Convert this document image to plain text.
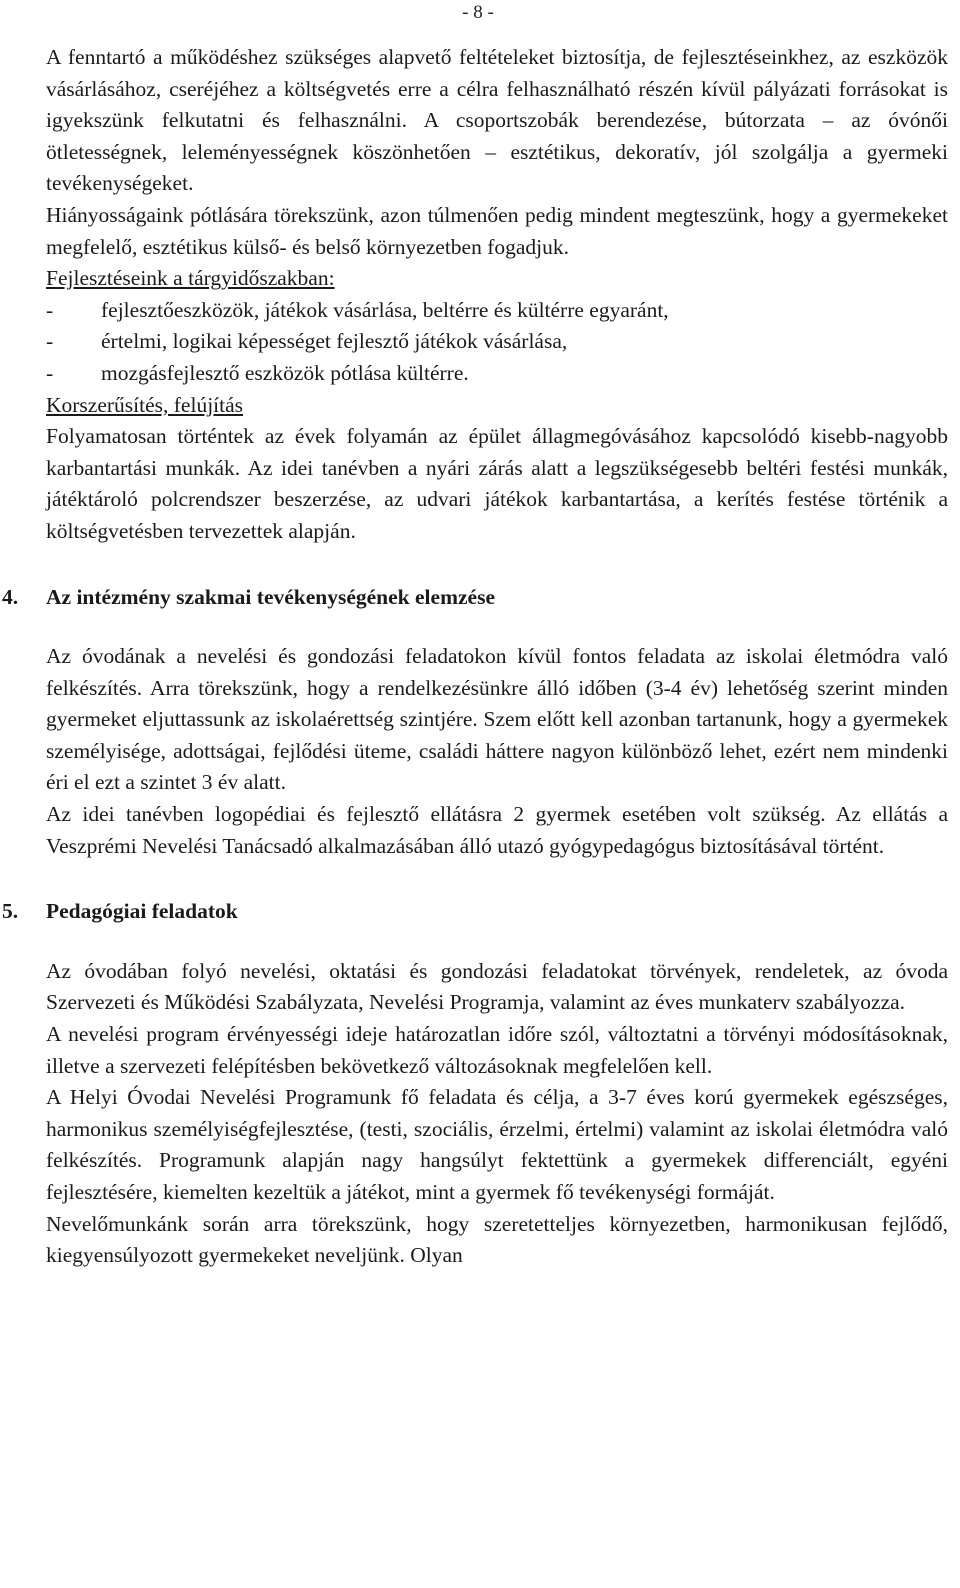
- 8 -

A fenntartó a működéshez szükséges alapvető feltételeket biztosítja, de fejlesztéseinkhez, az eszközök vásárlásához, cseréjéhez a költségvetés erre a célra felhasználható részén kívül pályázati forrásokat is igyekszünk felkutatni és felhasználni. A csoportszobák berendezése, bútorzata – az óvónői ötletességnek, leleményességnek köszönhetően – esztétikus, dekoratív, jól szolgálja a gyermeki tevékenységeket.

Hiányosságaink pótlására törekszünk, azon túlmenően pedig mindent megteszünk, hogy a gyermekeket megfelelő, esztétikus külső- és belső környezetben fogadjuk.

Fejlesztéseink a tárgyidőszakban:

- fejlesztőeszközök, játékok vásárlása, beltérre és kültérre egyaránt,
- értelmi, logikai képességet fejlesztő játékok vásárlása,
- mozgásfejlesztő eszközök pótlása kültérre.

Korszerűsítés, felújítás

Folyamatosan történtek az évek folyamán az épület állagmegóvásához kapcsolódó kisebb-nagyobb karbantartási munkák. Az idei tanévben a nyári zárás alatt a legszükségesebb beltéri festési munkák, játéktároló polcrendszer beszerzése, az udvari játékok karbantartása, a kerítés festése történik a költségvetésben tervezettek alapján.

4. Az intézmény szakmai tevékenységének elemzése

Az óvodának a nevelési és gondozási feladatokon kívül fontos feladata az iskolai életmódra való felkészítés. Arra törekszünk, hogy a rendelkezésünkre álló időben (3-4 év) lehetőség szerint minden gyermeket eljuttassunk az iskolaérettség szintjére. Szem előtt kell azonban tartanunk, hogy a gyermekek személyisége, adottságai, fejlődési üteme, családi háttere nagyon különböző lehet, ezért nem mindenki éri el ezt a szintet 3 év alatt.

Az idei tanévben logopédiai és fejlesztő ellátásra 2 gyermek esetében volt szükség. Az ellátás a Veszprémi Nevelési Tanácsadó alkalmazásában álló utazó gyógypedagógus biztosításával történt.

5. Pedagógiai feladatok

Az óvodában folyó nevelési, oktatási és gondozási feladatokat törvények, rendeletek, az óvoda Szervezeti és Működési Szabályzata, Nevelési Programja, valamint az éves munkaterv szabályozza.

A nevelési program érvényességi ideje határozatlan időre szól, változtatni a törvényi módosításoknak, illetve a szervezeti felépítésben bekövetkező változásoknak megfelelően kell.

A Helyi Óvodai Nevelési Programunk fő feladata és célja, a 3-7 éves korú gyermekek egészséges, harmonikus személyiségfejlesztése, (testi, szociális, érzelmi, értelmi) valamint az iskolai életmódra való felkészítés. Programunk alapján nagy hangsúlyt fektettünk a gyermekek differenciált, egyéni fejlesztésére, kiemelten kezeltük a játékot, mint a gyermek fő tevékenységi formáját.

Nevelőmunkánk során arra törekszünk, hogy szeretetteljes környezetben, harmonikusan fejlődő, kiegyensúlyozott gyermekeket neveljünk. Olyan
